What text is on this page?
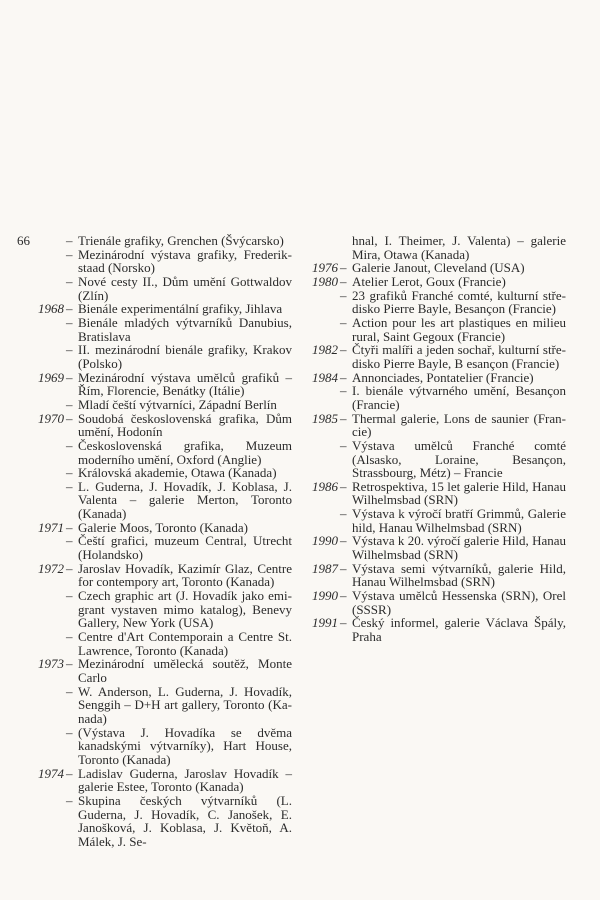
66	– Trienále grafiky, Grenchen (Švýcarsko)
– Mezinárodní výstava grafiky, Frederikstaad (Norsko)
– Nové cesty II., Dům umění Gottwaldov (Zlín)
1968 – Bienále experimentální grafiky, Jihlava
– Bienále mladých výtvarníků Danubius, Bratislava
– II. mezinárodní bienále grafiky, Krakov (Polsko)
1969 – Mezinárodní výstava umělců grafiků – Řím, Florencie, Benátky (Itálie)
– Mladí čeští výtvarníci, Západní Berlín
1970 – Soudobá československá grafika, Dům umění, Hodonín
– Československá grafika, Muzeum moderního umění, Oxford (Anglie)
– Královská akademie, Otawa (Kanada)
– L. Guderna, J. Hovadík, J. Koblasa, J. Valenta – galerie Merton, Toronto (Kanada)
1971 – Galerie Moos, Toronto (Kanada)
– Čeští grafici, muzeum Central, Utrecht (Holandsko)
1972 – Jaroslav Hovadík, Kazimír Glaz, Centre for contempory art, Toronto (Kanada)
– Czech graphic art (J. Hovadík jako emigrant vystaven mimo katalog), Benevy Gallery, New York (USA)
– Centre d'Art Contemporain a Centre St. Lawrence, Toronto (Kanada)
1973 – Mezinárodní umělecká soutěž, Monte Carlo
– W. Anderson, L. Guderna, J. Hovadík, Senggih – D+H art gallery, Toronto (Kanada)
– (Výstava J. Hovadíka se dvěma kanadskými výtvarníky), Hart House, Toronto (Kanada)
1974 – Ladislav Guderna, Jaroslav Hovadík – galerie Estee, Toronto (Kanada)
– Skupina českých výtvarníků (L. Guderna, J. Hovadík, C. Janošek, E. Janošková, J. Koblasa, J. Květoň, A. Málek, J. Se-
hnal, I. Theimer, J. Valenta) – galerie Mira, Otawa (Kanada)
1976 – Galerie Janout, Cleveland (USA)
1980 – Atelier Lerot, Goux (Francie)
– 23 grafiků Franché comté, kulturní středisko Pierre Bayle, Besançon (Francie)
– Action pour les art plastiques en milieu rural, Saint Gegoux (Francie)
1982 – Čtyři malíři a jeden sochař, kulturní středisko Pierre Bayle, B esançon (Francie)
1984 – Annonciades, Pontatelier (Francie)
– I. bienále výtvarného umění, Besançon (Francie)
1985 – Thermal galerie, Lons de saunier (Francie)
– Výstava umělců Franché comté (Alsasko, Loraine, Besançon, Strassbourg, Métz) – Francie
1986 – Retrospektiva, 15 let galerie Hild, Hanau Wilhelmsbad (SRN)
– Výstava k výročí bratří Grimmů, Galerie hild, Hanau Wilhelmsbad (SRN)
1990 – Výstava k 20. výročí galerie Hild, Hanau Wilhelmsbad (SRN)
1987 – Výstava semi výtvarníků, galerie Hild, Hanau Wilhelmsbad (SRN)
1990 – Výstava umělců Hessenska (SRN), Orel (SSSR)
1991 – Český informel, galerie Václava Špály, Praha
